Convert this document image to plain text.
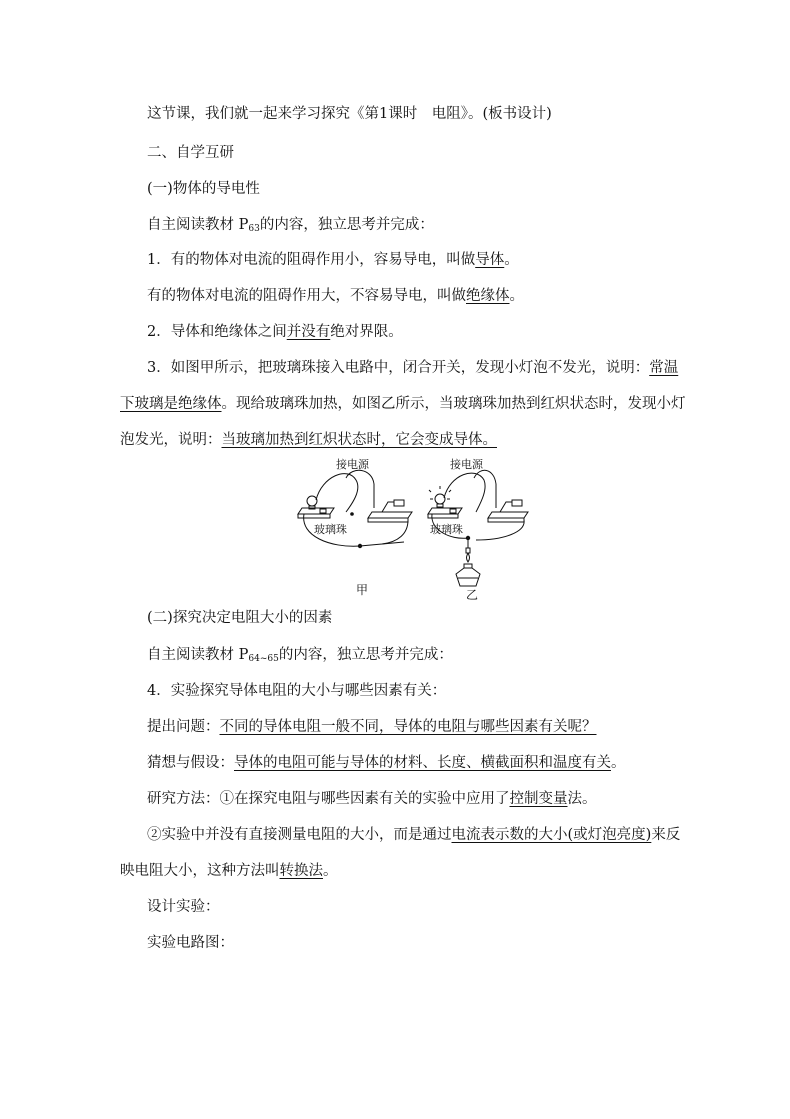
这节课，我们就一起来学习探究《第1课时　电阻》。(板书设计)
二、自学互研
(一)物体的导电性
自主阅读教材 $P_{63}$的内容，独立思考并完成：
1．有的物体对电流的阻碍作用小，容易导电，叫做导体。
有的物体对电流的阻碍作用大，不容易导电，叫做绝缘体。
2．导体和绝缘体之间并没有绝对界限。
3．如图甲所示，把玻璃珠接入电路中，闭合开关，发现小灯泡不发光，说明：常温
下玻璃是绝缘体。现给玻璃珠加热，如图乙所示，当玻璃珠加热到红炽状态时，发现小灯
泡发光，说明：当玻璃加热到红炽状态时，它会变成导体。
接电源
玻璃珠
甲
接电源
玻璃珠
乙
(二)探究决定电阻大小的因素
自主阅读教材 $P_{64\sim 65}$的内容，独立思考并完成：
4．实验探究导体电阻的大小与哪些因素有关：
提出问题：不同的导体电阻一般不同，导体的电阻与哪些因素有关呢？
猜想与假设：导体的电阻可能与导体的材料、长度、横截面积和温度有关。
研究方法：①在探究电阻与哪些因素有关的实验中应用了控制变量法。
②实验中并没有直接测量电阻的大小，而是通过电流表示数的大小(或灯泡亮度)来反
映电阻大小，这种方法叫转换法。
设计实验：
实验电路图：
